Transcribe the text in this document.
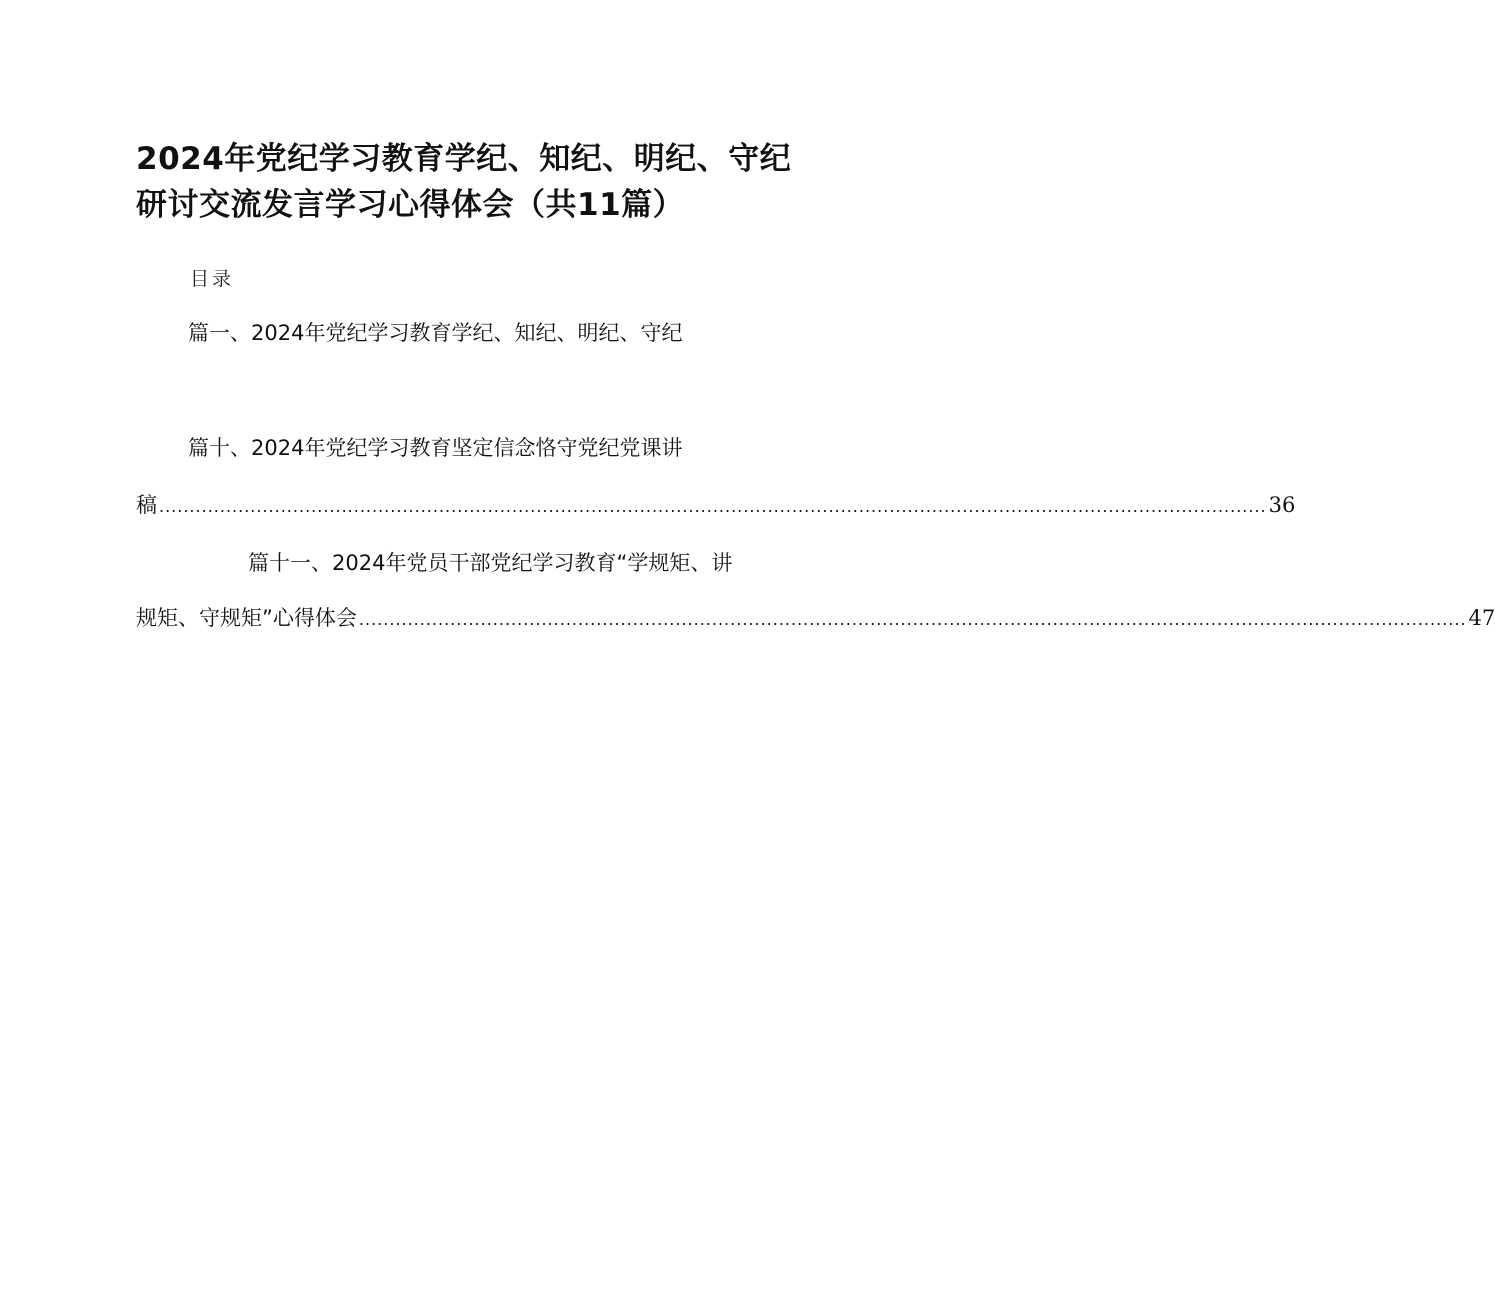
2024年党纪学习教育学纪、知纪、明纪、守纪
研讨交流发言学习心得体会（共11篇）
目录
篇一、2024年党纪学习教育学纪、知纪、明纪、守纪
篇十、2024年党纪学习教育坚定信念恪守党纪党课讲
稿 ...................................................................................................................................................................................... 36
篇十一、2024年党员干部党纪学习教育“学规矩、讲
规矩、守规矩”心得体会 ...................................................................................................................................................................................... 47
